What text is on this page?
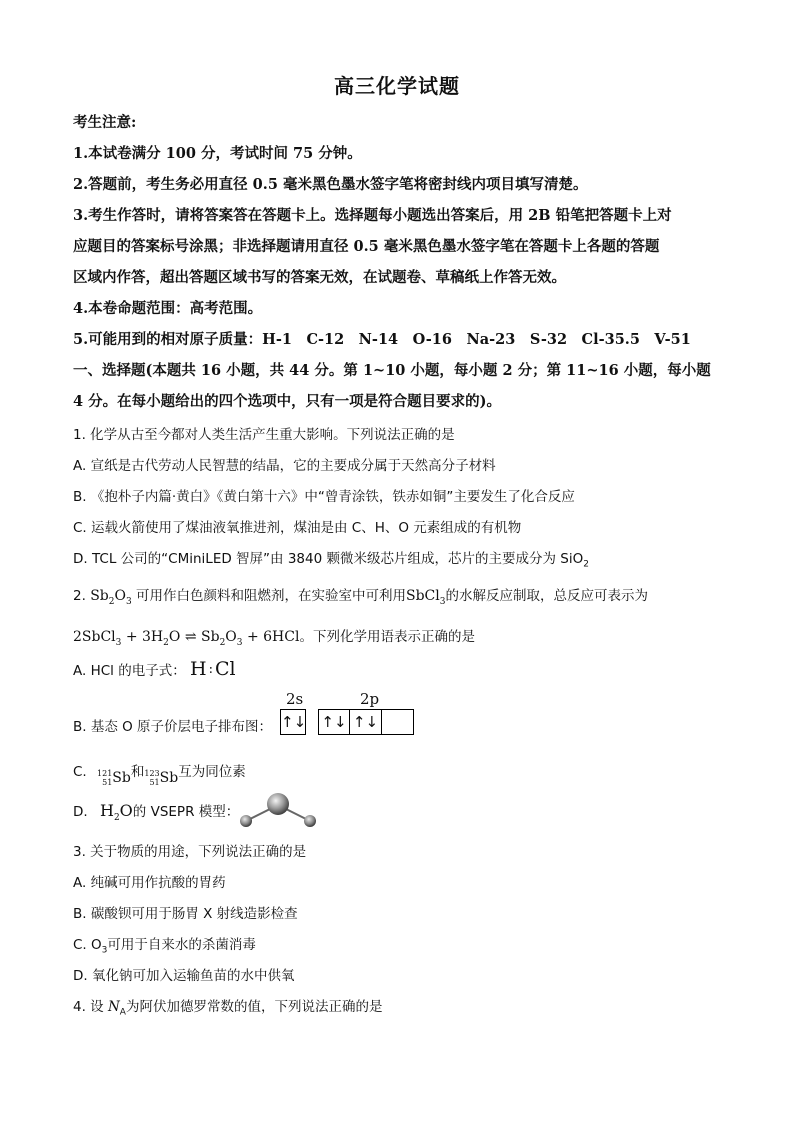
高三化学试题
考生注意:
1.本试卷满分 100 分，考试时间 75 分钟。
2.答题前，考生务必用直径 0.5 毫米黑色墨水签字笔将密封线内项目填写清楚。
3.考生作答时，请将答案答在答题卡上。选择题每小题选出答案后，用 2B 铅笔把答题卡上对
应题目的答案标号涂黑；非选择题请用直径 0.5 毫米黑色墨水签字笔在答题卡上各题的答题
区域内作答，超出答题区域书写的答案无效，在试题卷、草稿纸上作答无效。
4.本卷命题范围：高考范围。
5.可能用到的相对原子质量：H-1　C-12　N-14　O-16　Na-23　S-32　Cl-35.5　V-51
一、选择题(本题共 16 小题，共 44 分。第 1~10 小题，每小题 2 分；第 11~16 小题，每小题
4 分。在每小题给出的四个选项中，只有一项是符合题目要求的)。
1. 化学从古至今都对人类生活产生重大影响。下列说法正确的是
A. 宣纸是古代劳动人民智慧的结晶，它的主要成分属于天然高分子材料
B. 《抱朴子内篇·黄白》《黄白第十六》中“曾青涂铁，铁赤如铜”主要发生了化合反应
C. 运载火箭使用了煤油液氧推进剂，煤油是由 C、H、O 元素组成的有机物
D. TCL 公司的“CMiniLED 智屏”由 3840 颗微米级芯片组成，芯片的主要成分为 SiO$_2$
2. $Sb_2O_3$ 可用作白色颜料和阻燃剂，在实验室中可利用SbCl$_3$的水解反应制取，总反应可表示为
2SbCl$_3$ + $3H_2O$ ⇌ $Sb_2O_3 + 6HCl$。下列化学用语表示正确的是
A. HCl 的电子式： H : Cl
2s	2p
B. 基态 O 原子价层电子排布图： ↑↓ ↑↓ ↑↓
C. 121
51 Sb 和 123
51 Sb 互为同位素
D. $H_2O$的 VSEPR 模型：
3. 关于物质的用途，下列说法正确的是
A. 纯碱可用作抗酸的胃药
B. 碳酸钡可用于肠胃 X 射线造影检查
C. $O_3$可用于自来水的杀菌消毒
D. 氧化钠可加入运输鱼苗的水中供氧
4. 设 $N_A$为阿伏加德罗常数的值，下列说法正确的是
